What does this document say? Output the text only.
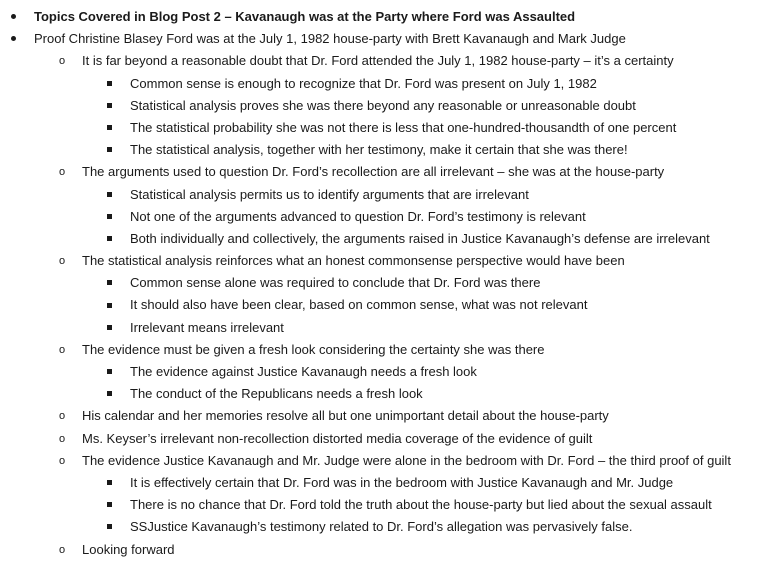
Topics Covered in Blog Post 2 – Kavanaugh was at the Party where Ford was Assaulted
Proof Christine Blasey Ford was at the July 1, 1982 house-party with Brett Kavanaugh and Mark Judge
o It is far beyond a reasonable doubt that Dr. Ford attended the July 1, 1982 house-party – it’s a certainty
Common sense is enough to recognize that Dr. Ford was present on July 1, 1982
Statistical analysis proves she was there beyond any reasonable or unreasonable doubt
The statistical probability she was not there is less that one-hundred-thousandth of one percent
The statistical analysis, together with her testimony, make it certain that she was there!
o The arguments used to question Dr. Ford’s recollection are all irrelevant – she was at the house-party
Statistical analysis permits us to identify arguments that are irrelevant
Not one of the arguments advanced to question Dr. Ford’s testimony is relevant
Both individually and collectively, the arguments raised in Justice Kavanaugh’s defense are irrelevant
o The statistical analysis reinforces what an honest commonsense perspective would have been
Common sense alone was required to conclude that Dr. Ford was there
It should also have been clear, based on common sense, what was not relevant
Irrelevant means irrelevant
o The evidence must be given a fresh look considering the certainty she was there
The evidence against Justice Kavanaugh needs a fresh look
The conduct of the Republicans needs a fresh look
o His calendar and her memories resolve all but one unimportant detail about the house-party
o Ms. Keyser’s irrelevant non-recollection distorted media coverage of the evidence of guilt
o The evidence Justice Kavanaugh and Mr. Judge were alone in the bedroom with Dr. Ford – the third proof of guilt
It is effectively certain that Dr. Ford was in the bedroom with Justice Kavanaugh and Mr. Judge
There is no chance that Dr. Ford told the truth about the house-party but lied about the sexual assault
SSJustice Kavanaugh’s testimony related to Dr. Ford’s allegation was pervasively false.
o Looking forward
